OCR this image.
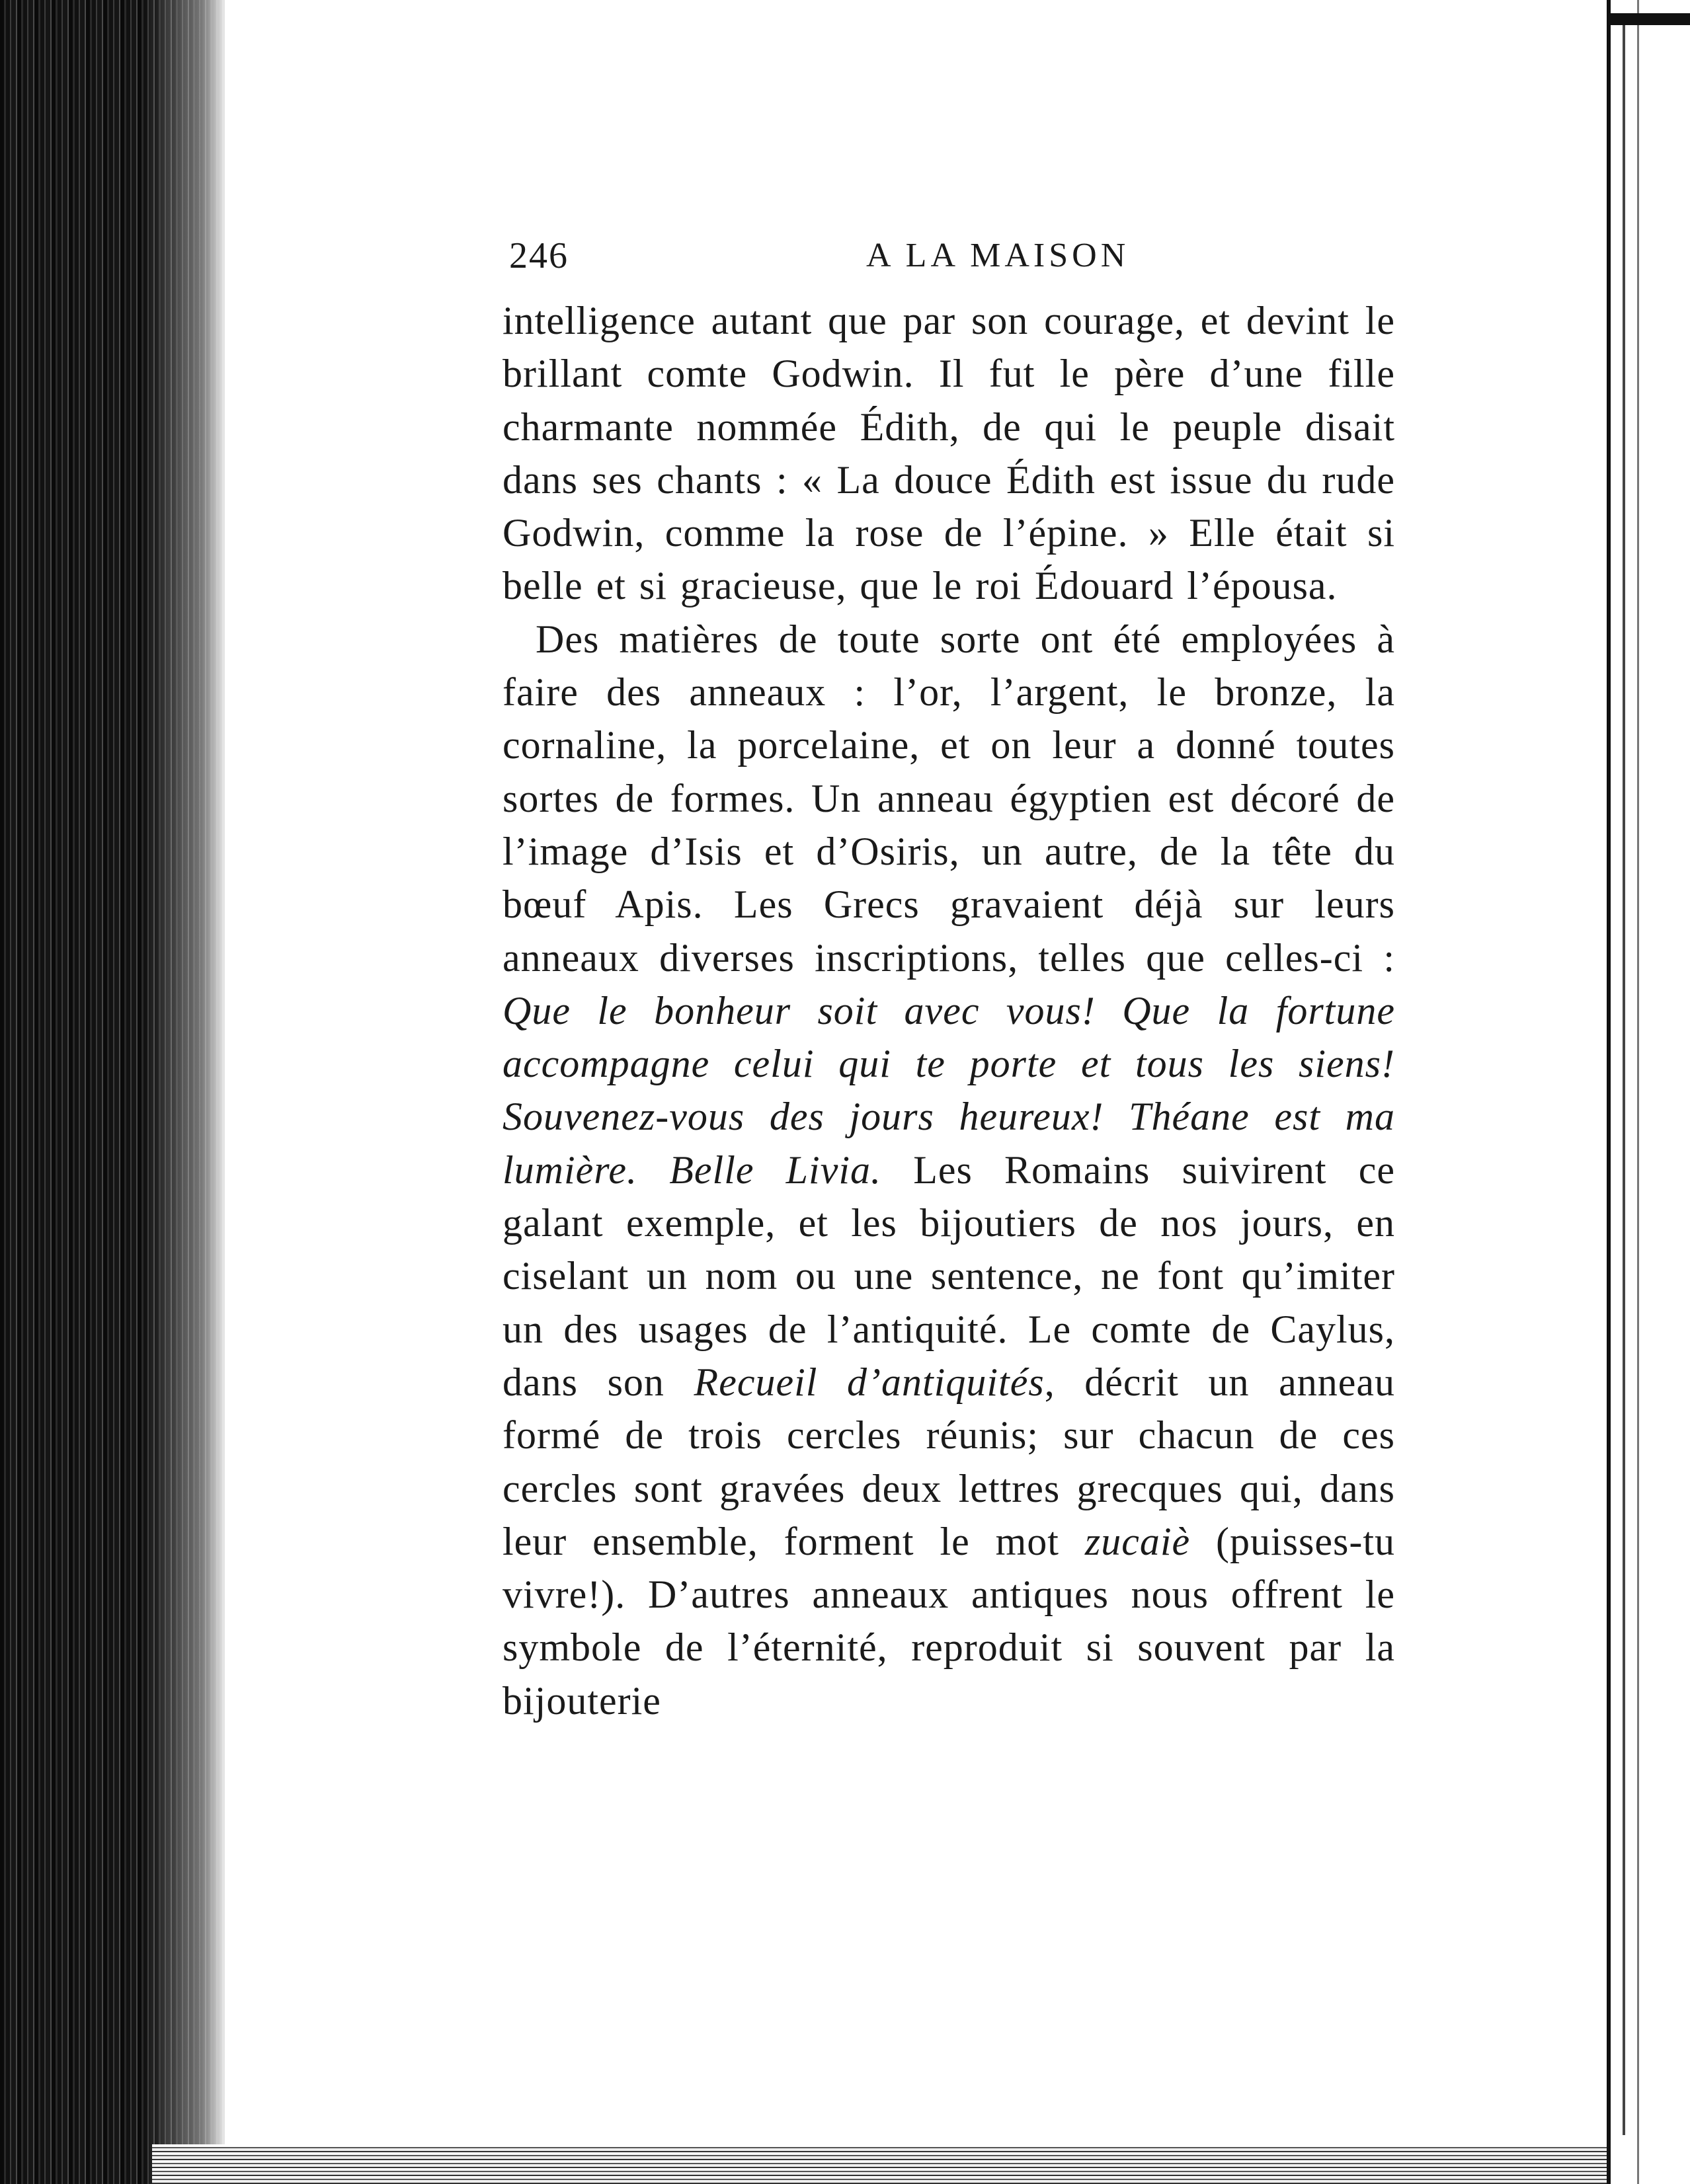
246	A LA MAISON

intelligence autant que par son courage, et devint le brillant comte Godwin. Il fut le père d’une fille charmante nommée Édith, de qui le peuple disait dans ses chants : « La douce Édith est issue du rude Godwin, comme la rose de l’épine. » Elle était si belle et si gracieuse, que le roi Édouard l’épousa.

Des matières de toute sorte ont été employées à faire des anneaux : l’or, l’argent, le bronze, la cornaline, la porcelaine, et on leur a donné toutes sortes de formes. Un anneau égyptien est décoré de l’image d’Isis et d’Osiris, un autre, de la tête du bœuf Apis. Les Grecs gravaient déjà sur leurs anneaux diverses inscriptions, telles que celles-ci : Que le bonheur soit avec vous! Que la fortune accompagne celui qui te porte et tous les siens! Souvenez-vous des jours heureux! Théane est ma lumière. Belle Livia. Les Romains suivirent ce galant exemple, et les bijoutiers de nos jours, en ciselant un nom ou une sentence, ne font qu’imiter un des usages de l’antiquité. Le comte de Caylus, dans son Recueil d’antiquités, décrit un anneau formé de trois cercles réunis; sur chacun de ces cercles sont gravées deux lettres grecques qui, dans leur ensemble, forment le mot zucaiè (puisses-tu vivre!). D’autres anneaux antiques nous offrent le symbole de l’éternité, reproduit si souvent par la bijouterie
